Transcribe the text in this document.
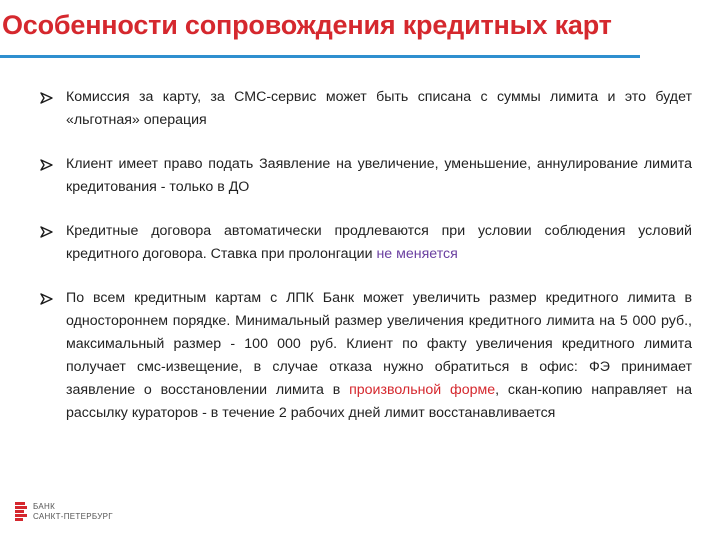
Особенности сопровождения кредитных карт
Комиссия за карту, за СМС-сервис может быть списана с суммы лимита и это будет «льготная» операция
Клиент имеет право подать Заявление на увеличение, уменьшение, аннулирование лимита кредитования - только в ДО
Кредитные договора автоматически продлеваются при условии соблюдения условий кредитного договора. Ставка при пролонгации не меняется
По всем кредитным картам с ЛПК Банк может увеличить размер кредитного лимита в одностороннем порядке. Минимальный размер увеличения кредитного лимита на 5 000 руб., максимальный размер - 100 000 руб. Клиент по факту увеличения кредитного лимита получает смс-извещение, в случае отказа нужно обратиться в офис: ФЭ принимает заявление о восстановлении лимита в произвольной форме, скан-копию направляет на рассылку кураторов - в течение 2 рабочих дней лимит восстанавливается
БАНК
САНКТ-ПЕТЕРБУРГ
